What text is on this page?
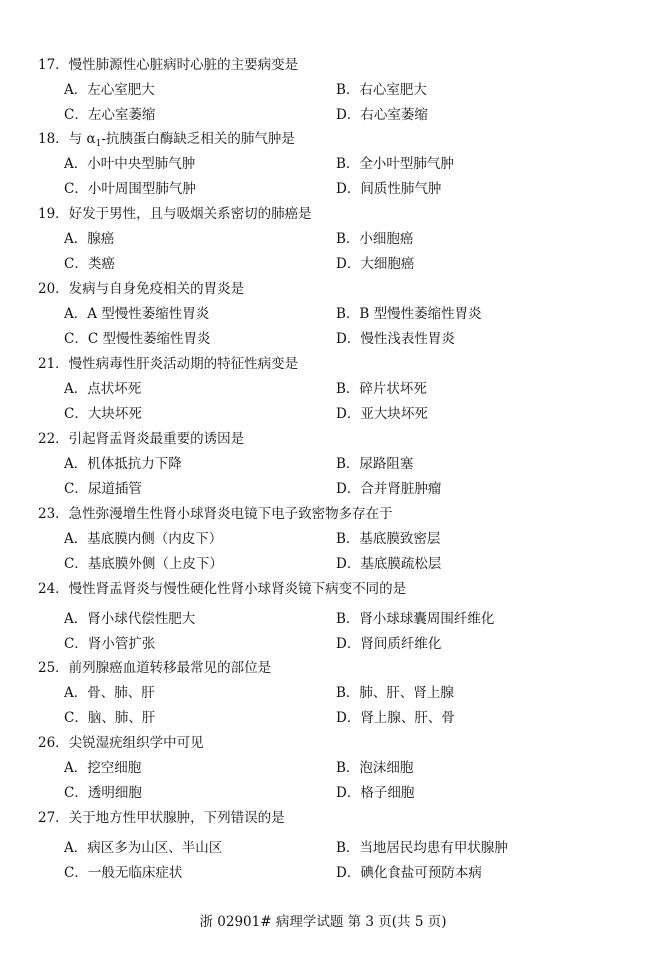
17．慢性肺源性心脏病时心脏的主要病变是
A．左心室肥大	B．右心室肥大
C．左心室萎缩	D．右心室萎缩
18．与 $\alpha_1-$抗胰蛋白酶缺乏相关的肺气肿是
A．小叶中央型肺气肿	B．全小叶型肺气肿
C．小叶周围型肺气肿	D．间质性肺气肿
19．好发于男性，且与吸烟关系密切的肺癌是
A．腺癌	B．小细胞癌
C．类癌	D．大细胞癌
20．发病与自身免疫相关的胃炎是
A．A 型慢性萎缩性胃炎	B．B 型慢性萎缩性胃炎
C．C 型慢性萎缩性胃炎	D．慢性浅表性胃炎
21．慢性病毒性肝炎活动期的特征性病变是
A．点状坏死	B．碎片状坏死
C．大块坏死	D．亚大块坏死
22．引起肾盂肾炎最重要的诱因是
A．机体抵抗力下降	B．尿路阻塞
C．尿道插管	D．合并肾脏肿瘤
23．急性弥漫增生性肾小球肾炎电镜下电子致密物多存在于
A．基底膜内侧（内皮下）	B．基底膜致密层
C．基底膜外侧（上皮下）	D．基底膜疏松层
24．慢性肾盂肾炎与慢性硬化性肾小球肾炎镜下病变不同的是
A．肾小球代偿性肥大	B．肾小球球囊周围纤维化
C．肾小管扩张	D．肾间质纤维化
25．前列腺癌血道转移最常见的部位是
A．骨、肺、肝	B．肺、肝、肾上腺
C．脑、肺、肝	D．肾上腺、肝、骨
26．尖锐湿疣组织学中可见
A．挖空细胞	B．泡沫细胞
C．透明细胞	D．格子细胞
27．关于地方性甲状腺肿，下列错误的是
A．病区多为山区、半山区	B．当地居民均患有甲状腺肿
C．一般无临床症状	D．碘化食盐可预防本病
浙 02901# 病理学试题 第 3 页(共 5 页)
